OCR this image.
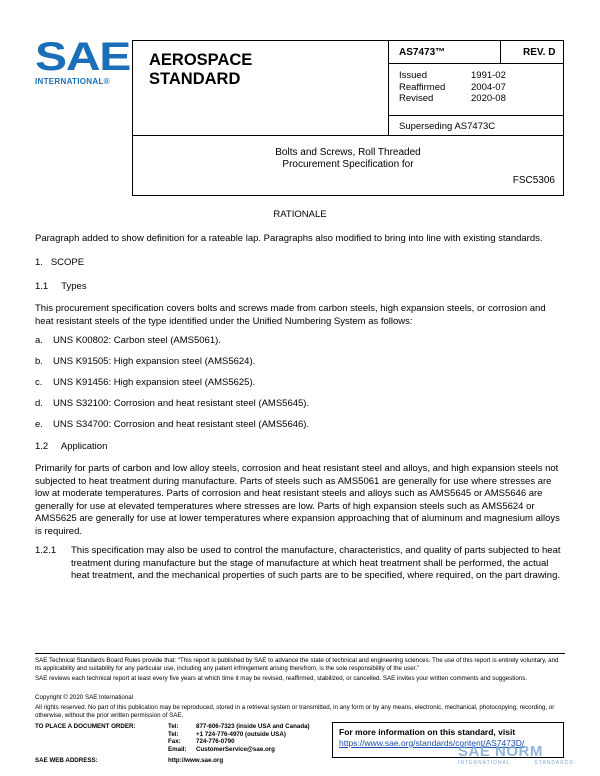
SAE
INTERNATIONAL®
AEROSPACE
STANDARD
AS7473™	REV. D
Issued	1991-02
Reaffirmed	2004-07
Revised	2020-08
Superseding AS7473C
Bolts and Screws, Roll Threaded
Procurement Specification for
FSC5306
RATIONALE
Paragraph added to show definition for a rateable lap. Paragraphs also modified to bring into line with existing standards.
1.   SCOPE
1.1     Types
This procurement specification covers bolts and screws made from carbon steels, high expansion steels, or corrosion and heat resistant steels of the type identified under the Unified Numbering System as follows:
a. UNS K00802: Carbon steel (AMS5061).
b. UNS K91505: High expansion steel (AMS5624).
c. UNS K91456: High expansion steel (AMS5625).
d. UNS S32100: Corrosion and heat resistant steel (AMS5645).
e. UNS S34700: Corrosion and heat resistant steel (AMS5646).
1.2     Application
Primarily for parts of carbon and low alloy steels, corrosion and heat resistant steel and alloys, and high expansion steels not subjected to heat treatment during manufacture. Parts of steels such as AMS5061 are generally for use where stresses are low at moderate temperatures. Parts of corrosion and heat resistant steels and alloys such as AMS5645 or AMS5646 are generally for use at elevated temperatures where stresses are low. Parts of high expansion steels such as AMS5624 or AMS5625 are generally for use at lower temperatures where expansion approaching that of aluminum and magnesium alloys is required.
1.2.1	This specification may also be used to control the manufacture, characteristics, and quality of parts subjected to heat treatment during manufacture but the stage of manufacture at which heat treatment shall be performed, the actual heat treatment, and the mechanical properties of such parts are to be specified, where required, on the part drawing.
SAE Technical Standards Board Rules provide that: “This report is published by SAE to advance the state of technical and engineering sciences. The use of this report is entirely voluntary, and its applicability and suitability for any particular use, including any patent infringement arising therefrom, is the sole responsibility of the user.”
SAE reviews each technical report at least every five years at which time it may be revised, reaffirmed, stabilized, or cancelled. SAE invites your written comments and suggestions.
Copyright © 2020 SAE International
All rights reserved. No part of this publication may be reproduced, stored in a retrieval system or transmitted, in any form or by any means, electronic, mechanical, photocopying, recording, or otherwise, without the prior written permission of SAE.
TO PLACE A DOCUMENT ORDER:	Tel:	877-606-7323 (inside USA and Canada)
	Tel:	+1 724-776-4970 (outside USA)
	Fax:	724-776-0790
	Email:	CustomerService@sae.org
SAE WEB ADDRESS:	http://www.sae.org
For more information on this standard, visit
https://www.sae.org/standards/content/AS7473D/
SAE NORM
INTERNATIONAL	STANDARDS
